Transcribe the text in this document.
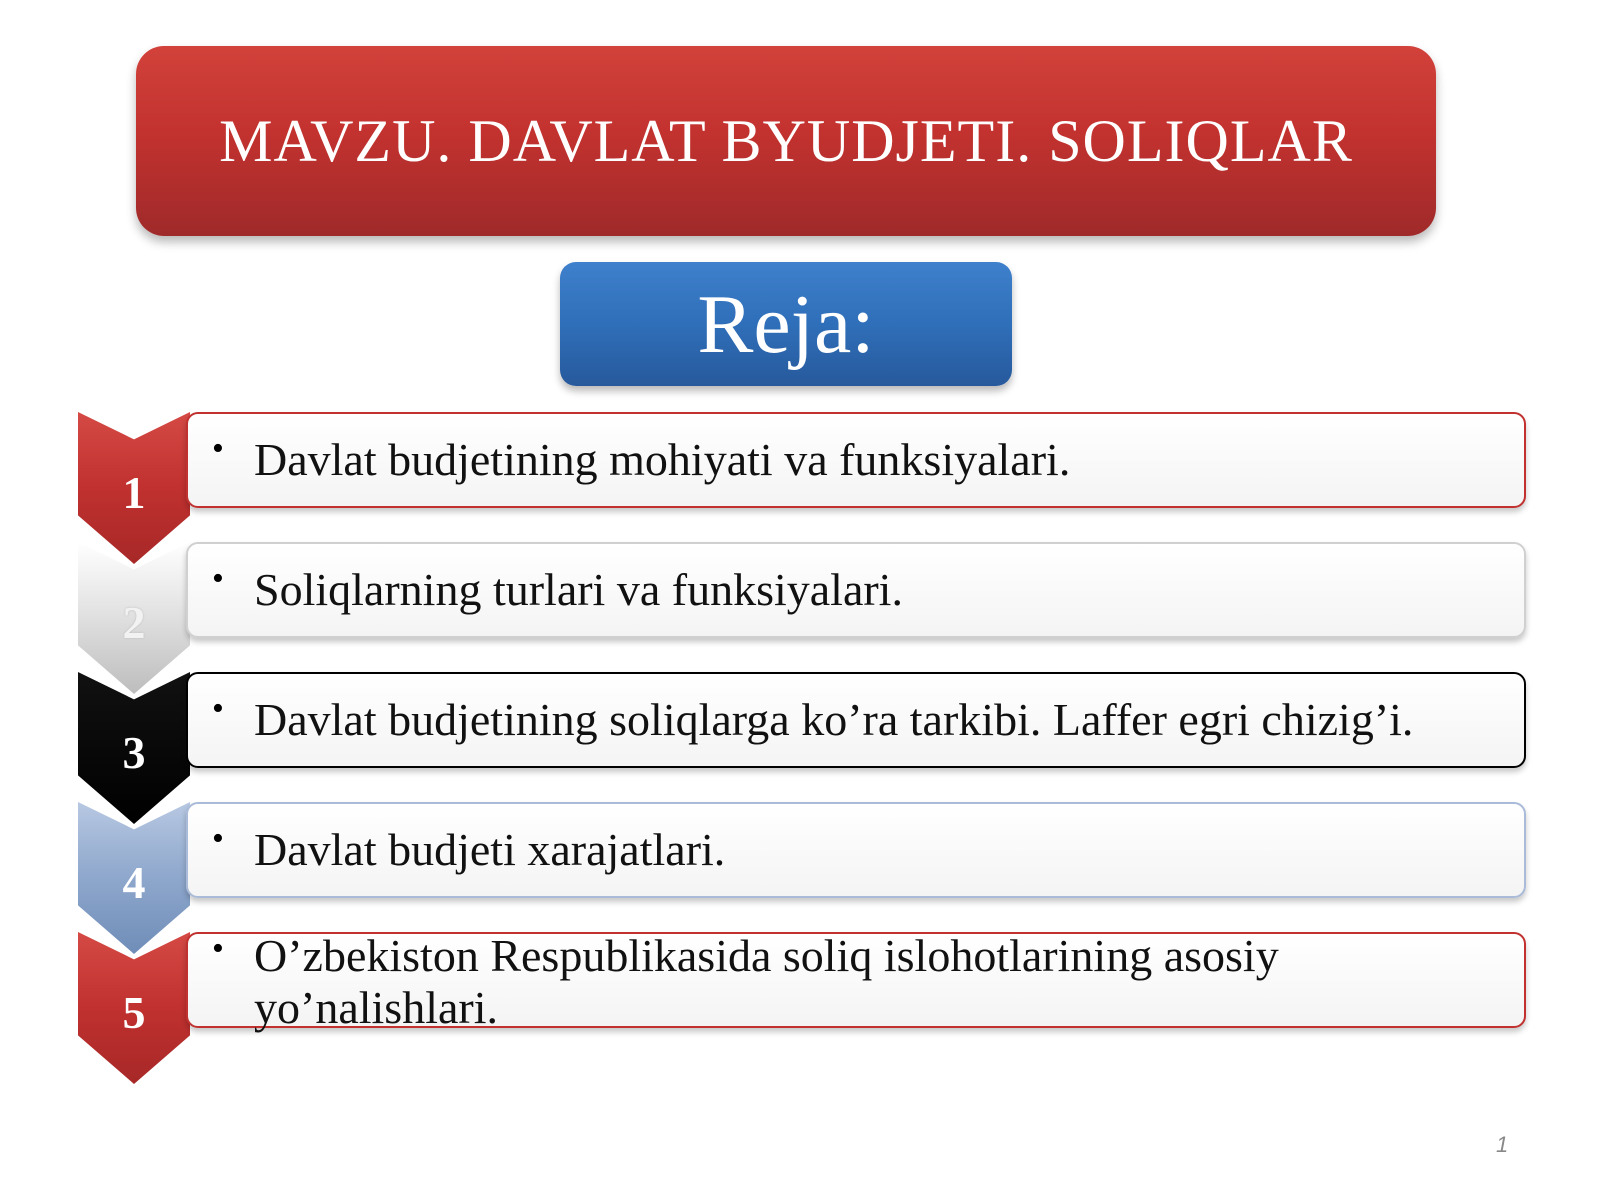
MAVZU. DAVLAT BYUDJETI. SOLIQLAR
Reja:
1
• Davlat budjetining mohiyati va funksiyalari.
2
• Soliqlarning turlari va funksiyalari.
3
• Davlat budjetining soliqlarga ko’ra tarkibi. Laffer egri chizig’i.
4
• Davlat budjeti xarajatlari.
5
• O’zbekiston Respublikasida soliq islohotlarining asosiy yo’nalishlari.
1
